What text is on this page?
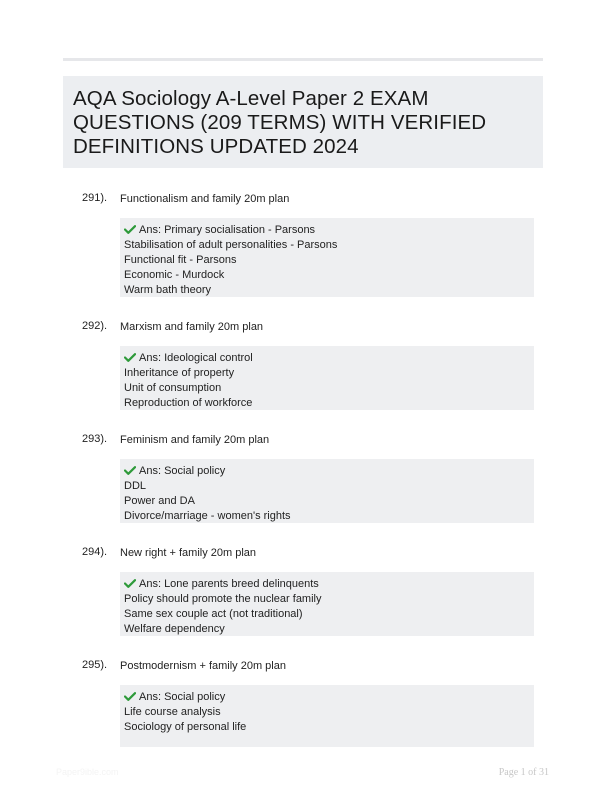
AQA Sociology A-Level Paper 2 EXAM QUESTIONS (209 TERMS) WITH VERIFIED DEFINITIONS UPDATED 2024
291). Functionalism and family 20m plan
Ans: Primary socialisation - Parsons
Stabilisation of adult personalities - Parsons
Functional fit - Parsons
Economic - Murdock
Warm bath theory
292). Marxism and family 20m plan
Ans: Ideological control
Inheritance of property
Unit of consumption
Reproduction of workforce
293). Feminism and family 20m plan
Ans: Social policy
DDL
Power and DA
Divorce/marriage - women's rights
294). New right + family 20m plan
Ans: Lone parents breed delinquents
Policy should promote the nuclear family
Same sex couple act (not traditional)
Welfare dependency
295). Postmodernism + family 20m plan
Ans: Social policy
Life course analysis
Sociology of personal life
Paper9ible.com	Page 1 of 31
